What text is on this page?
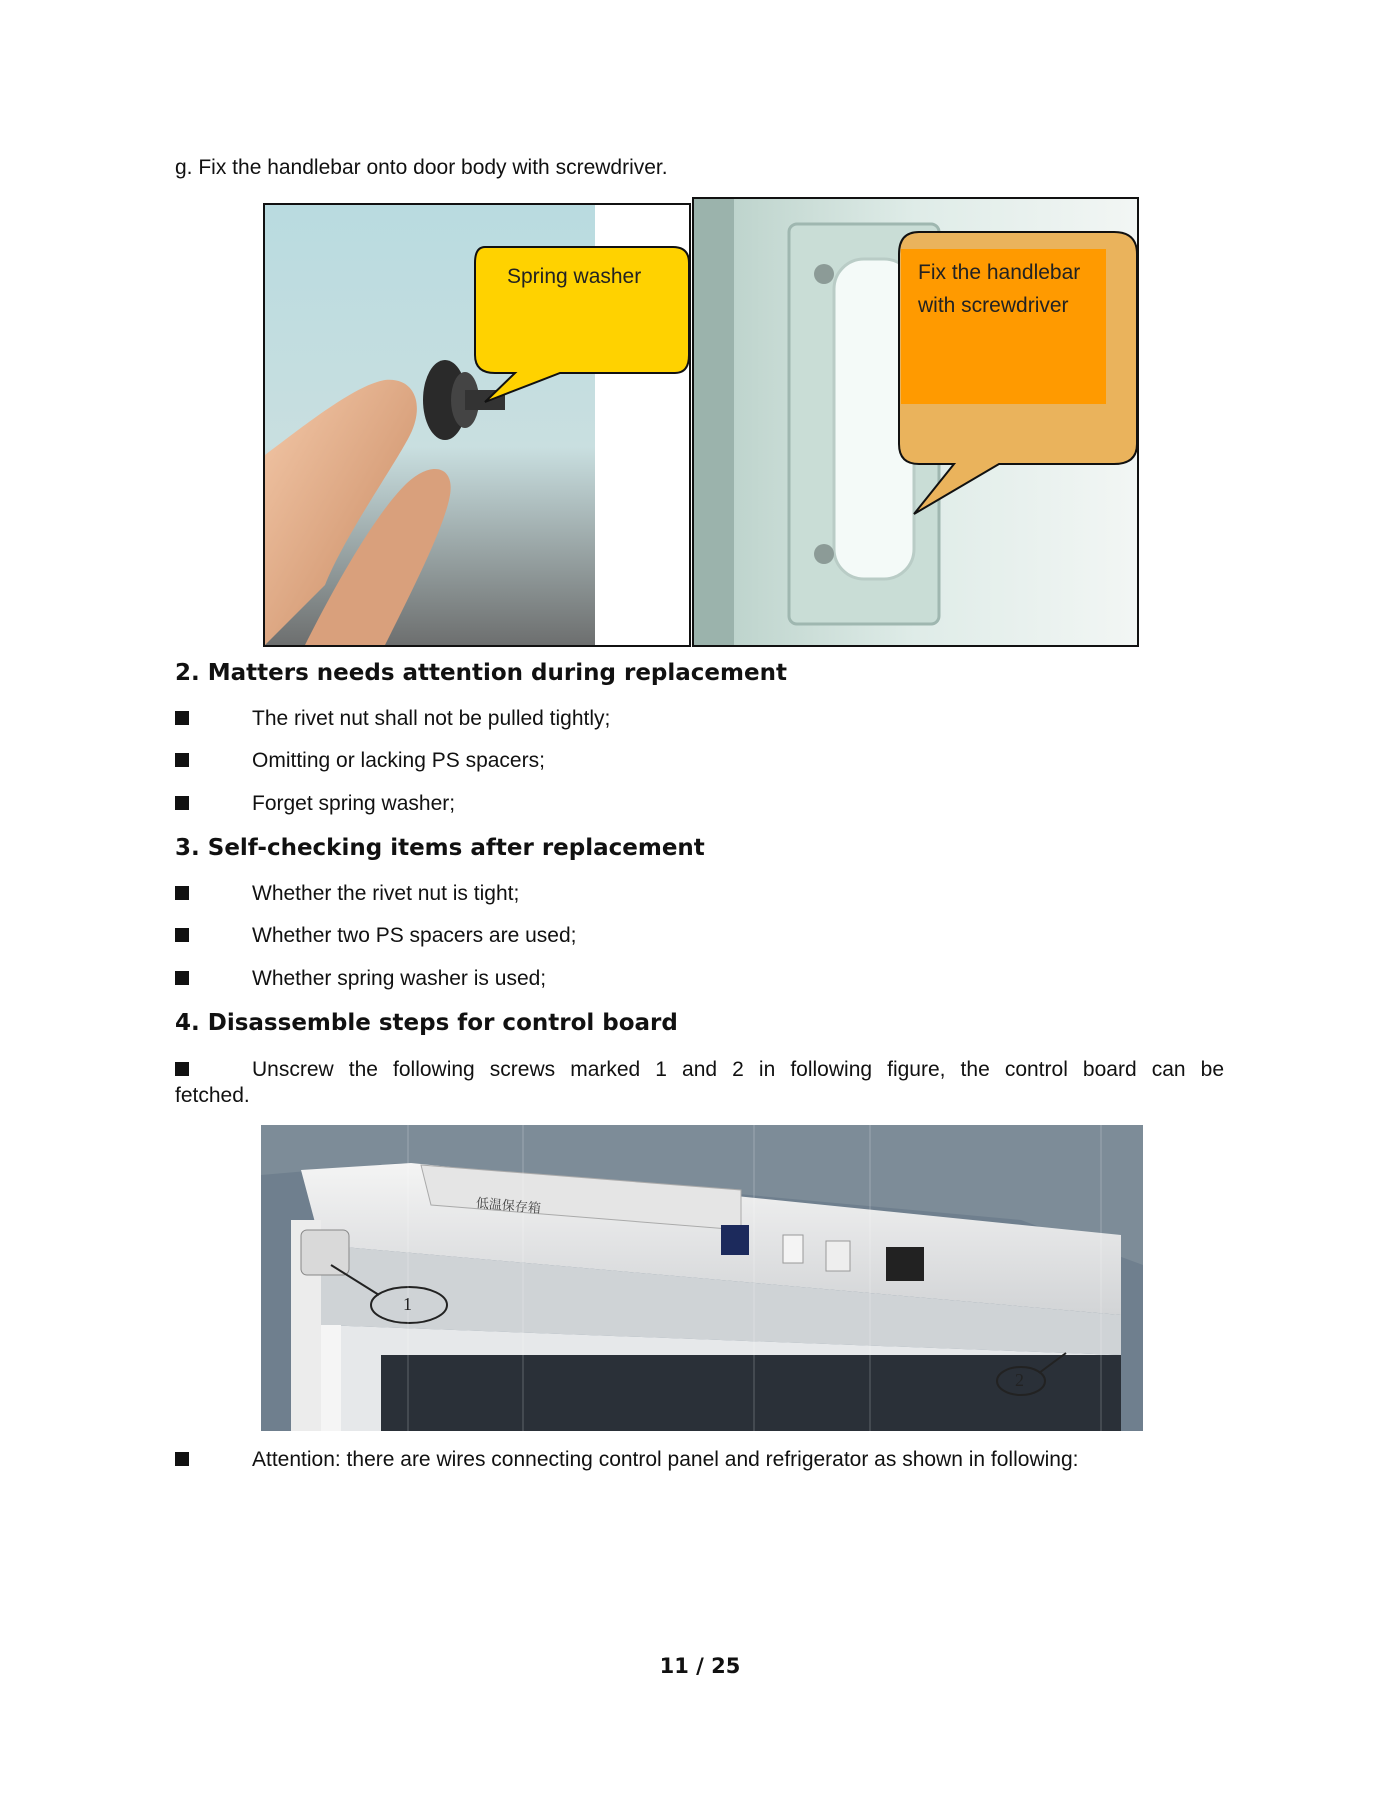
g. Fix the handlebar onto door body with screwdriver.
Spring washer	Fix the handlebar
with screwdriver
2. Matters needs attention during replacement
The rivet nut shall not be pulled tightly;
Omitting or lacking PS spacers;
Forget spring washer;
3. Self-checking items after replacement
Whether the rivet nut is tight;
Whether two PS spacers are used;
Whether spring washer is used;
4. Disassemble steps for control board
Unscrew the following screws marked 1 and 2 in following figure, the control board can be
fetched.
低温保存箱
1
2
Attention: there are wires connecting control panel and refrigerator as shown in following:
11 / 25
